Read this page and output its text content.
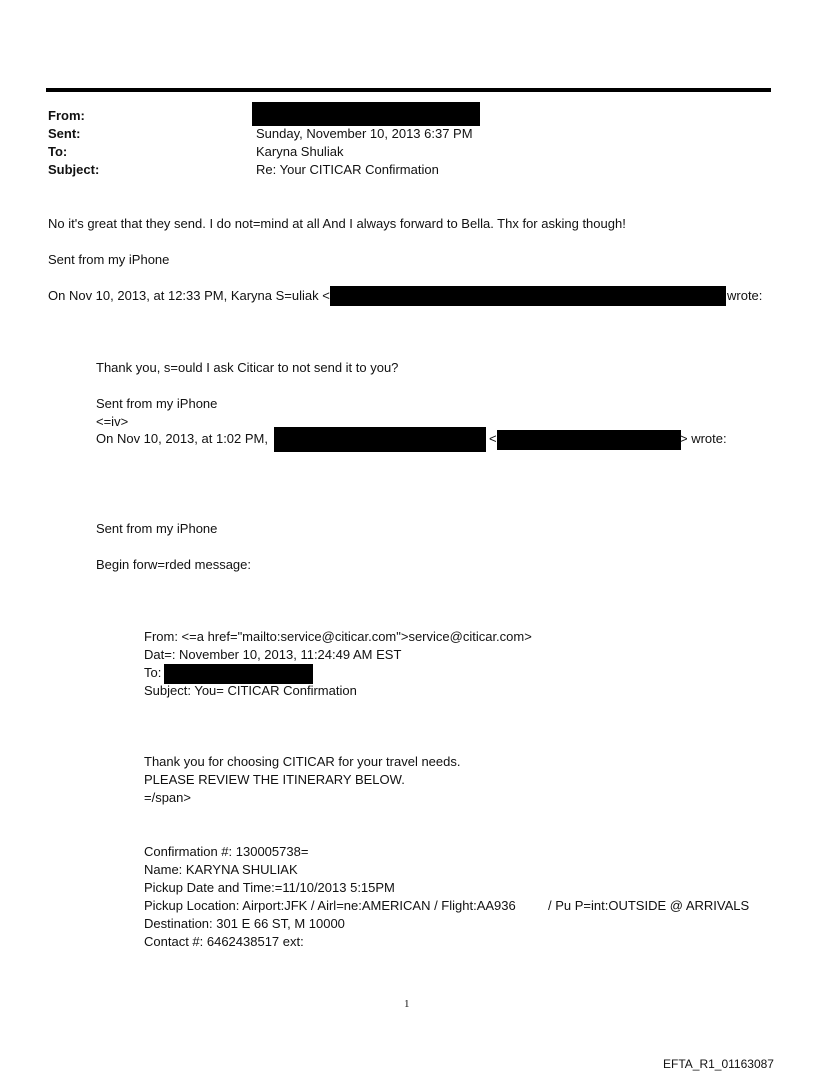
From:
Sent:	Sunday, November 10, 2013 6:37 PM
To:	Karyna Shuliak
Subject:	Re: Your CITICAR Confirmation
No it's great that they send. I do not=mind at all And I always forward to Bella. Thx for asking though!
Sent from my iPhone
On Nov 10, 2013, at 12:33 PM, Karyna S=uliak <	wrote:
Thank you, s=ould I ask Citicar to not send it to you?
Sent from my iPhone
<=iv>
On Nov 10, 2013, at 1:02 PM,	<	> wrote:
Sent from my iPhone
Begin forw=rded message:
From: <=a href="mailto:service@citicar.com">service@citicar.com>
Dat=: November 10, 2013, 11:24:49 AM EST
To:
Subject: You= CITICAR Confirmation
Thank you for choosing CITICAR for your travel needs.
PLEASE REVIEW THE ITINERARY BELOW.
=/span>
Confirmation #: 130005738=
Name: KARYNA SHULIAK
Pickup Date and Time:=11/10/2013 5:15PM
Pickup Location: Airport:JFK / Airl=ne:AMERICAN / Flight:AA936 / Pu P=int:OUTSIDE @ ARRIVALS
Destination: 301 E 66 ST, M 10000
Contact #: 6462438517 ext:
1
EFTA_R1_01163087
